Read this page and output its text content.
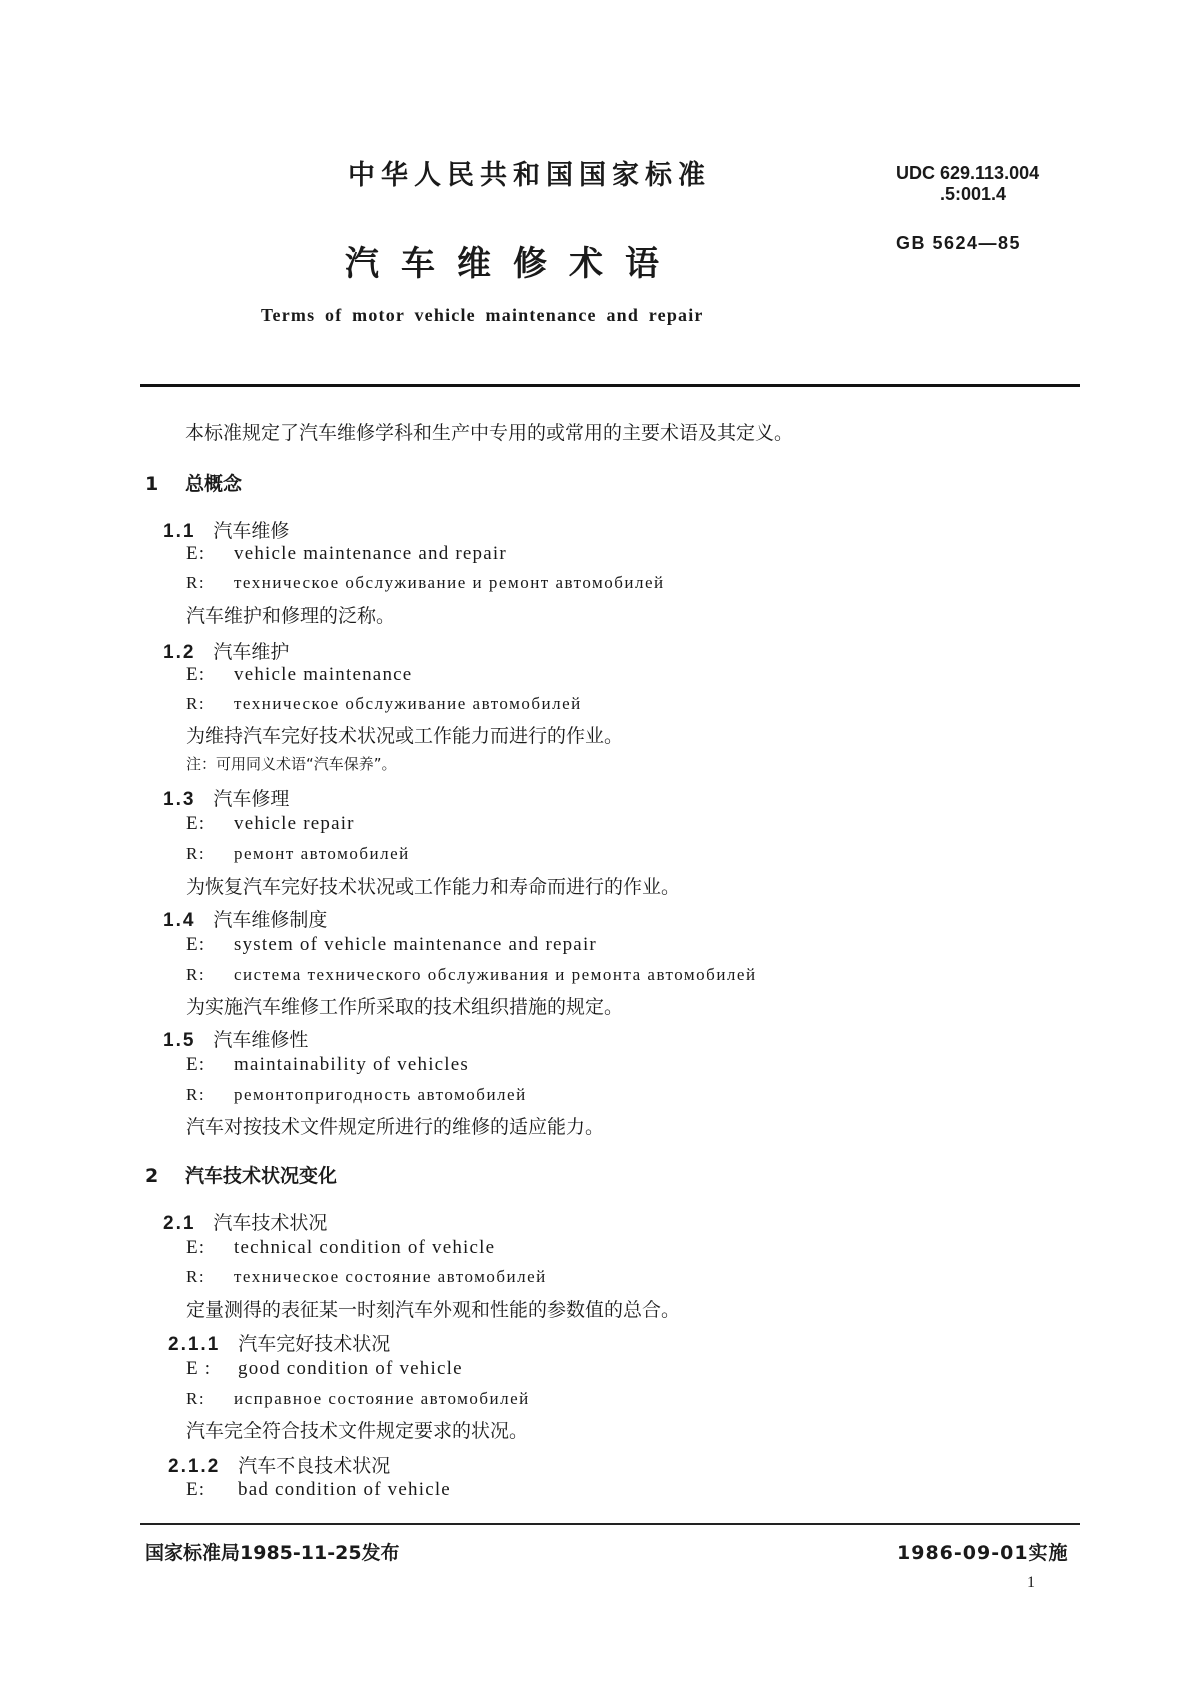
中华人民共和国国家标准
汽车维修术语
Terms of motor vehicle maintenance and repair
UDC 629.113.004
.5:001.4
GB 5624—85
本标准规定了汽车维修学科和生产中专用的或常用的主要术语及其定义。
1 总概念
1.1 汽车维修
E: vehicle maintenance and repair
R: техническое обслуживание и ремонт автомобилей
汽车维护和修理的泛称。
1.2 汽车维护
E: vehicle maintenance
R: техническое обслуживание автомобилей
为维持汽车完好技术状况或工作能力而进行的作业。
注：可用同义术语“汽车保养”。
1.3 汽车修理
E: vehicle repair
R: ремонт автомобилей
为恢复汽车完好技术状况或工作能力和寿命而进行的作业。
1.4 汽车维修制度
E: system of vehicle maintenance and repair
R: система технического обслуживания и ремонта автомобилей
为实施汽车维修工作所采取的技术组织措施的规定。
1.5 汽车维修性
E: maintainability of vehicles
R: ремонтопригодность автомобилей
汽车对按技术文件规定所进行的维修的适应能力。
2 汽车技术状况变化
2.1 汽车技术状况
E: technical condition of vehicle
R: техническое состояние автомобилей
定量测得的表征某一时刻汽车外观和性能的参数值的总合。
2.1.1 汽车完好技术状况
E : good condition of vehicle
R: исправное состояние автомобилей
汽车完全符合技术文件规定要求的状况。
2.1.2 汽车不良技术状况
E: bad condition of vehicle
国家标准局1985-11-25发布	1986-09-01实施
1
